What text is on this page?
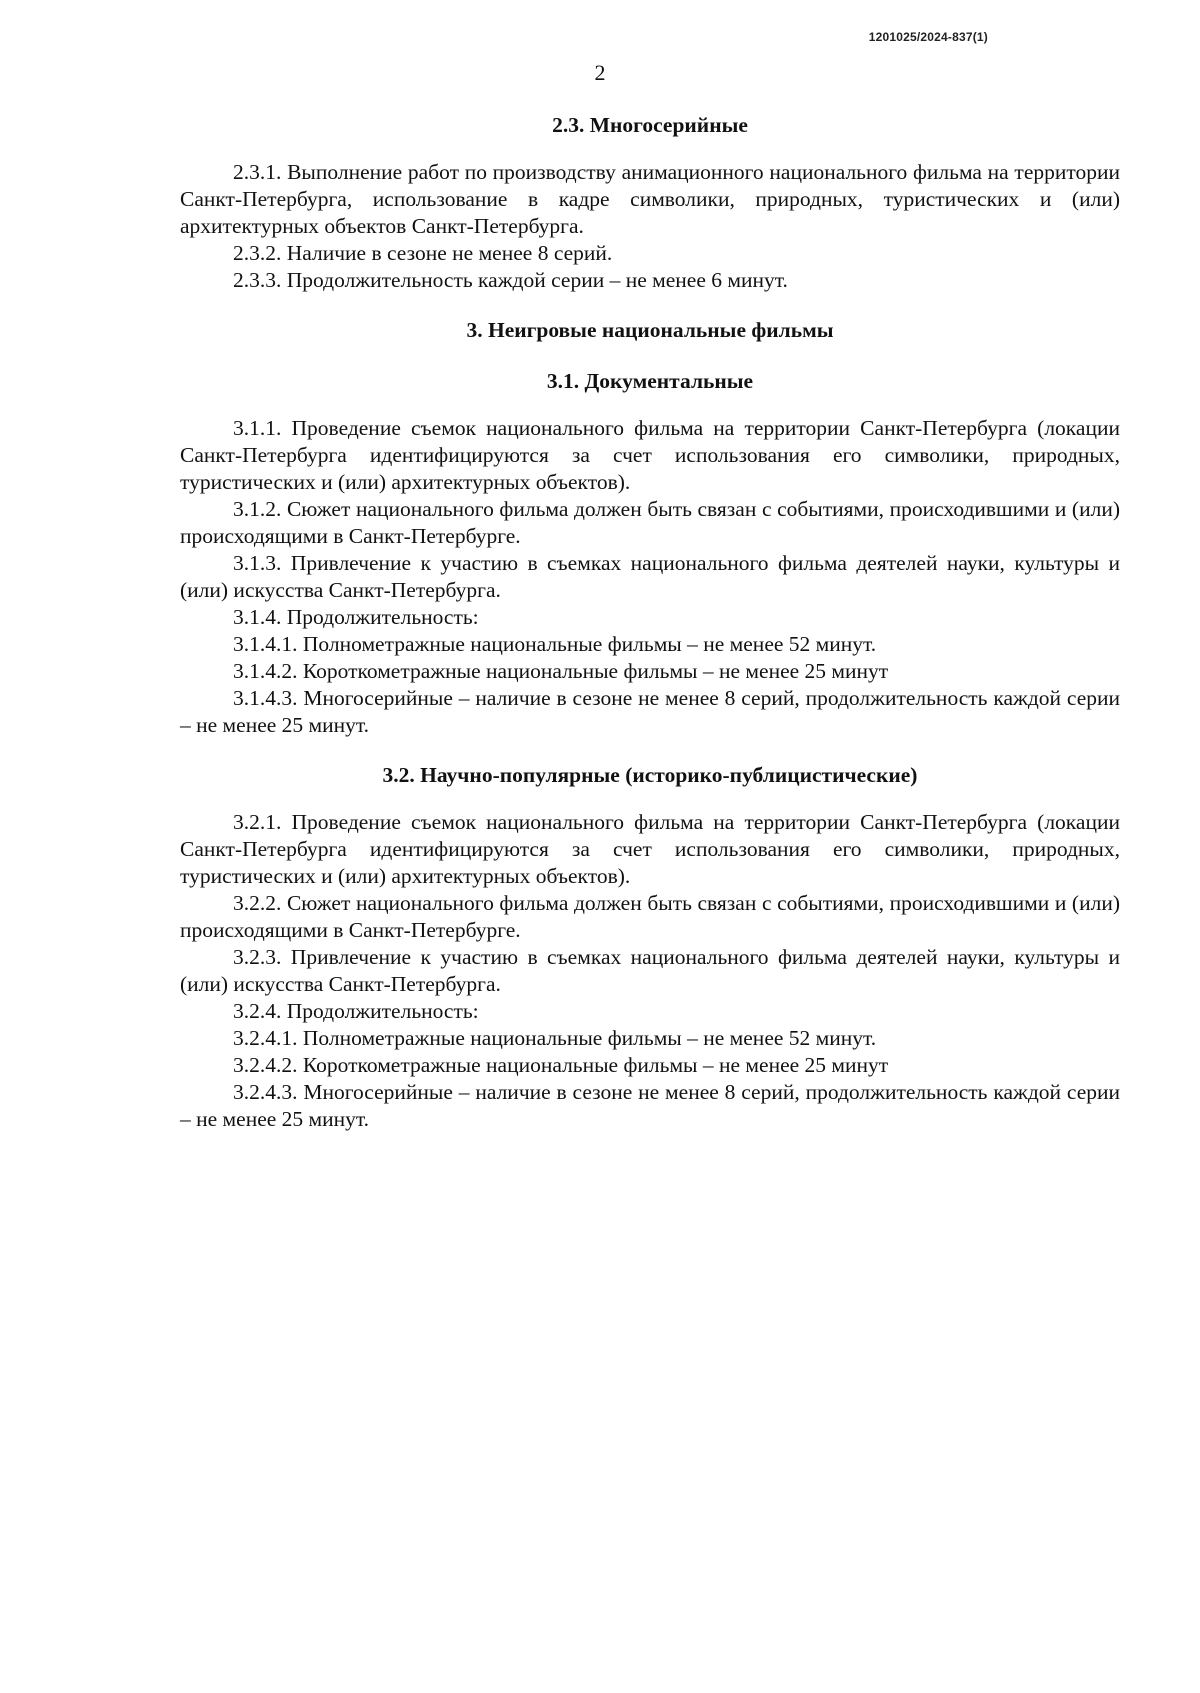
1201025/2024-837(1)
2
2.3. Многосерийные
2.3.1. Выполнение работ по производству анимационного национального фильма на территории Санкт-Петербурга, использование в кадре символики, природных, туристических и (или) архитектурных объектов Санкт-Петербурга.
2.3.2. Наличие в сезоне не менее 8 серий.
2.3.3. Продолжительность каждой серии – не менее 6 минут.
3. Неигровые национальные фильмы
3.1. Документальные
3.1.1. Проведение съемок национального фильма на территории Санкт-Петербурга (локации Санкт-Петербурга идентифицируются за счет использования его символики, природных, туристических и (или) архитектурных объектов).
3.1.2. Сюжет национального фильма должен быть связан с событиями, происходившими и (или) происходящими в Санкт-Петербурге.
3.1.3. Привлечение к участию в съемках национального фильма деятелей науки, культуры и (или) искусства Санкт-Петербурга.
3.1.4. Продолжительность:
3.1.4.1. Полнометражные национальные фильмы – не менее 52 минут.
3.1.4.2. Короткометражные национальные фильмы – не менее 25 минут
3.1.4.3. Многосерийные – наличие в сезоне не менее 8 серий, продолжительность каждой серии – не менее 25 минут.
3.2. Научно-популярные (историко-публицистические)
3.2.1. Проведение съемок национального фильма на территории Санкт-Петербурга (локации Санкт-Петербурга идентифицируются за счет использования его символики, природных, туристических и (или) архитектурных объектов).
3.2.2. Сюжет национального фильма должен быть связан с событиями, происходившими и (или) происходящими в Санкт-Петербурге.
3.2.3. Привлечение к участию в съемках национального фильма деятелей науки, культуры и (или) искусства Санкт-Петербурга.
3.2.4. Продолжительность:
3.2.4.1. Полнометражные национальные фильмы – не менее 52 минут.
3.2.4.2. Короткометражные национальные фильмы – не менее 25 минут
3.2.4.3. Многосерийные – наличие в сезоне не менее 8 серий, продолжительность каждой серии – не менее 25 минут.
